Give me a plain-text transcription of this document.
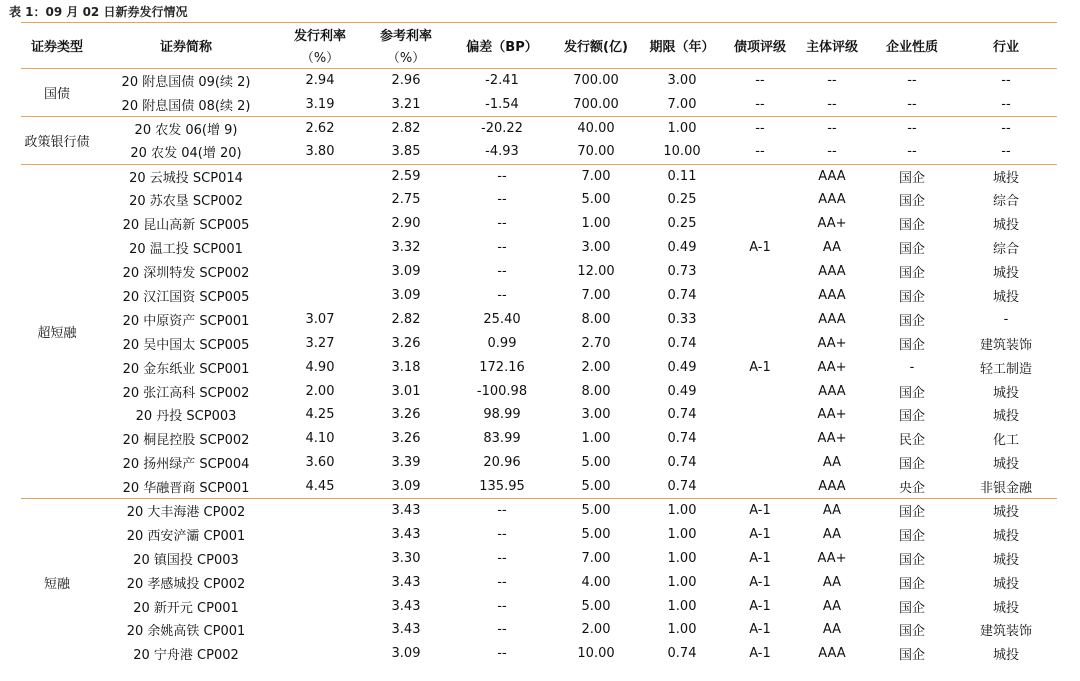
表 1：09 月 02 日新券发行情况
证券类型	证券简称	发行利率	参考利率	偏差（BP）	发行额(亿)	期限（年）	债项评级	主体评级	企业性质	行业
		（%）	（%）							
国债	20 附息国债 09(续 2)	2.94	2.96	-2.41	700.00	3.00	--	--	--	--
	20 附息国债 08(续 2)	3.19	3.21	-1.54	700.00	7.00	--	--	--	--
政策银行债	20 农发 06(增 9)	2.62	2.82	-20.22	40.00	1.00	--	--	--	--
	20 农发 04(增 20)	3.80	3.85	-4.93	70.00	10.00	--	--	--	--
超短融	20 云城投 SCP014		2.59	--	7.00	0.11		AAA	国企	城投
	20 苏农垦 SCP002		2.75	--	5.00	0.25		AAA	国企	综合
	20 昆山高新 SCP005		2.90	--	1.00	0.25		AA+	国企	城投
	20 温工投 SCP001		3.32	--	3.00	0.49	A-1	AA	国企	综合
	20 深圳特发 SCP002		3.09	--	12.00	0.73		AAA	国企	城投
	20 汉江国资 SCP005		3.09	--	7.00	0.74		AAA	国企	城投
	20 中原资产 SCP001	3.07	2.82	25.40	8.00	0.33		AAA	国企	-
	20 吴中国太 SCP005	3.27	3.26	0.99	2.70	0.74		AA+	国企	建筑装饰
	20 金东纸业 SCP001	4.90	3.18	172.16	2.00	0.49	A-1	AA+	-	轻工制造
	20 张江高科 SCP002	2.00	3.01	-100.98	8.00	0.49		AAA	国企	城投
	20 丹投 SCP003	4.25	3.26	98.99	3.00	0.74		AA+	国企	城投
	20 桐昆控股 SCP002	4.10	3.26	83.99	1.00	0.74		AA+	民企	化工
	20 扬州绿产 SCP004	3.60	3.39	20.96	5.00	0.74		AA	国企	城投
	20 华融晋商 SCP001	4.45	3.09	135.95	5.00	0.74		AAA	央企	非银金融
短融	20 大丰海港 CP002		3.43	--	5.00	1.00	A-1	AA	国企	城投
	20 西安浐灞 CP001		3.43	--	5.00	1.00	A-1	AA	国企	城投
	20 镇国投 CP003		3.30	--	7.00	1.00	A-1	AA+	国企	城投
	20 孝感城投 CP002		3.43	--	4.00	1.00	A-1	AA	国企	城投
	20 新开元 CP001		3.43	--	5.00	1.00	A-1	AA	国企	城投
	20 余姚高铁 CP001		3.43	--	2.00	1.00	A-1	AA	国企	建筑装饰
	20 宁舟港 CP002		3.09	--	10.00	0.74	A-1	AAA	国企	城投
